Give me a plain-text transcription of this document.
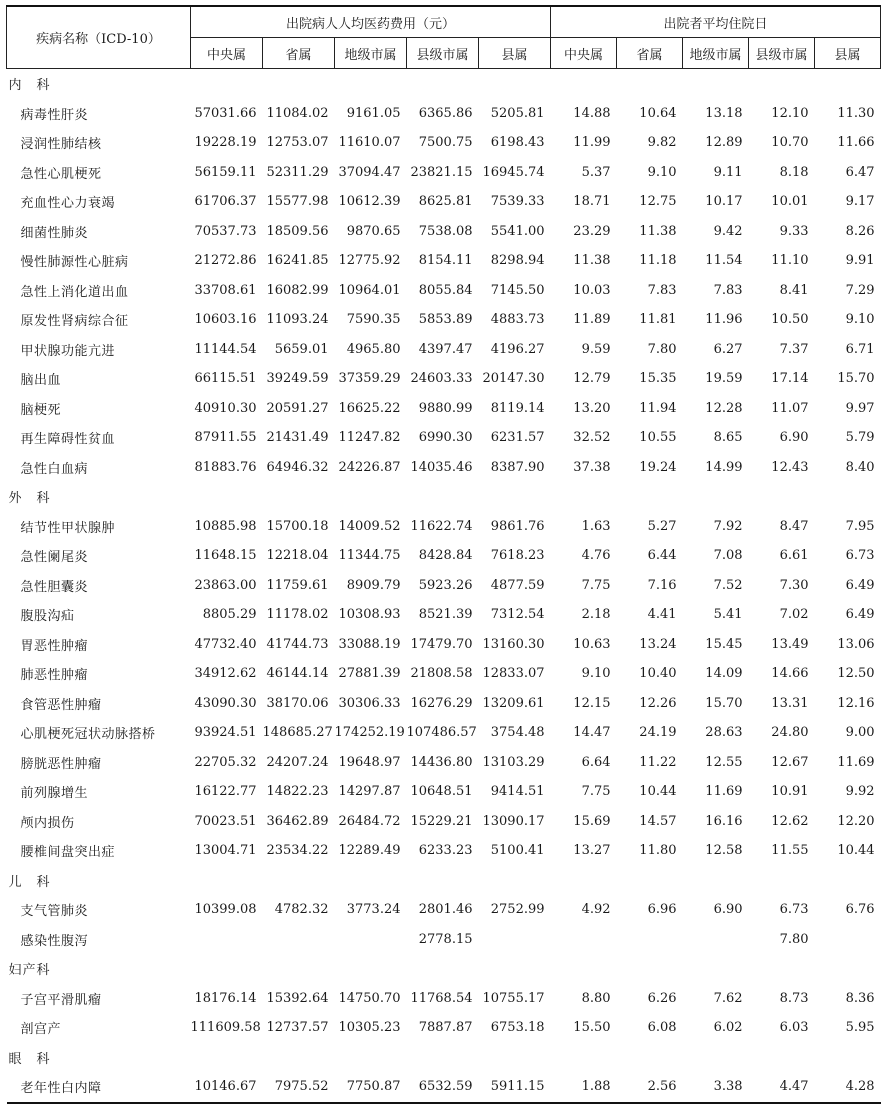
疾病名称（ICD-10）	出院病人人均医药费用（元）					出院者平均住院日				
	中央属	省属	地级市属	县级市属	县属	中央属	省属	地级市属	县级市属	县属
内　科										
病毒性肝炎	57031.66	11084.02	9161.05	6365.86	5205.81	14.88	10.64	13.18	12.10	11.30
浸润性肺结核	19228.19	12753.07	11610.07	7500.75	6198.43	11.99	9.82	12.89	10.70	11.66
急性心肌梗死	56159.11	52311.29	37094.47	23821.15	16945.74	5.37	9.10	9.11	8.18	6.47
充血性心力衰竭	61706.37	15577.98	10612.39	8625.81	7539.33	18.71	12.75	10.17	10.01	9.17
细菌性肺炎	70537.73	18509.56	9870.65	7538.08	5541.00	23.29	11.38	9.42	9.33	8.26
慢性肺源性心脏病	21272.86	16241.85	12775.92	8154.11	8298.94	11.38	11.18	11.54	11.10	9.91
急性上消化道出血	33708.61	16082.99	10964.01	8055.84	7145.50	10.03	7.83	7.83	8.41	7.29
原发性肾病综合征	10603.16	11093.24	7590.35	5853.89	4883.73	11.89	11.81	11.96	10.50	9.10
甲状腺功能亢进	11144.54	5659.01	4965.80	4397.47	4196.27	9.59	7.80	6.27	7.37	6.71
脑出血	66115.51	39249.59	37359.29	24603.33	20147.30	12.79	15.35	19.59	17.14	15.70
脑梗死	40910.30	20591.27	16625.22	9880.99	8119.14	13.20	11.94	12.28	11.07	9.97
再生障碍性贫血	87911.55	21431.49	11247.82	6990.30	6231.57	32.52	10.55	8.65	6.90	5.79
急性白血病	81883.76	64946.32	24226.87	14035.46	8387.90	37.38	19.24	14.99	12.43	8.40
外　科										
结节性甲状腺肿	10885.98	15700.18	14009.52	11622.74	9861.76	1.63	5.27	7.92	8.47	7.95
急性阑尾炎	11648.15	12218.04	11344.75	8428.84	7618.23	4.76	6.44	7.08	6.61	6.73
急性胆囊炎	23863.00	11759.61	8909.79	5923.26	4877.59	7.75	7.16	7.52	7.30	6.49
腹股沟疝	8805.29	11178.02	10308.93	8521.39	7312.54	2.18	4.41	5.41	7.02	6.49
胃恶性肿瘤	47732.40	41744.73	33088.19	17479.70	13160.30	10.63	13.24	15.45	13.49	13.06
肺恶性肿瘤	34912.62	46144.14	27881.39	21808.58	12833.07	9.10	10.40	14.09	14.66	12.50
食管恶性肿瘤	43090.30	38170.06	30306.33	16276.29	13209.61	12.15	12.26	15.70	13.31	12.16
心肌梗死冠状动脉搭桥	93924.51	148685.27	174252.19	107486.57	3754.48	14.47	24.19	28.63	24.80	9.00
膀胱恶性肿瘤	22705.32	24207.24	19648.97	14436.80	13103.29	6.64	11.22	12.55	12.67	11.69
前列腺增生	16122.77	14822.23	14297.87	10648.51	9414.51	7.75	10.44	11.69	10.91	9.92
颅内损伤	70023.51	36462.89	26484.72	15229.21	13090.17	15.69	14.57	16.16	12.62	12.20
腰椎间盘突出症	13004.71	23534.22	12289.49	6233.23	5100.41	13.27	11.80	12.58	11.55	10.44
儿　科										
支气管肺炎	10399.08	4782.32	3773.24	2801.46	2752.99	4.92	6.96	6.90	6.73	6.76
感染性腹泻				2778.15					7.80	
妇产科										
子宫平滑肌瘤	18176.14	15392.64	14750.70	11768.54	10755.17	8.80	6.26	7.62	8.73	8.36
剖宫产	111609.58	12737.57	10305.23	7887.87	6753.18	15.50	6.08	6.02	6.03	5.95
眼　科										
老年性白内障	10146.67	7975.52	7750.87	6532.59	5911.15	1.88	2.56	3.38	4.47	4.28
